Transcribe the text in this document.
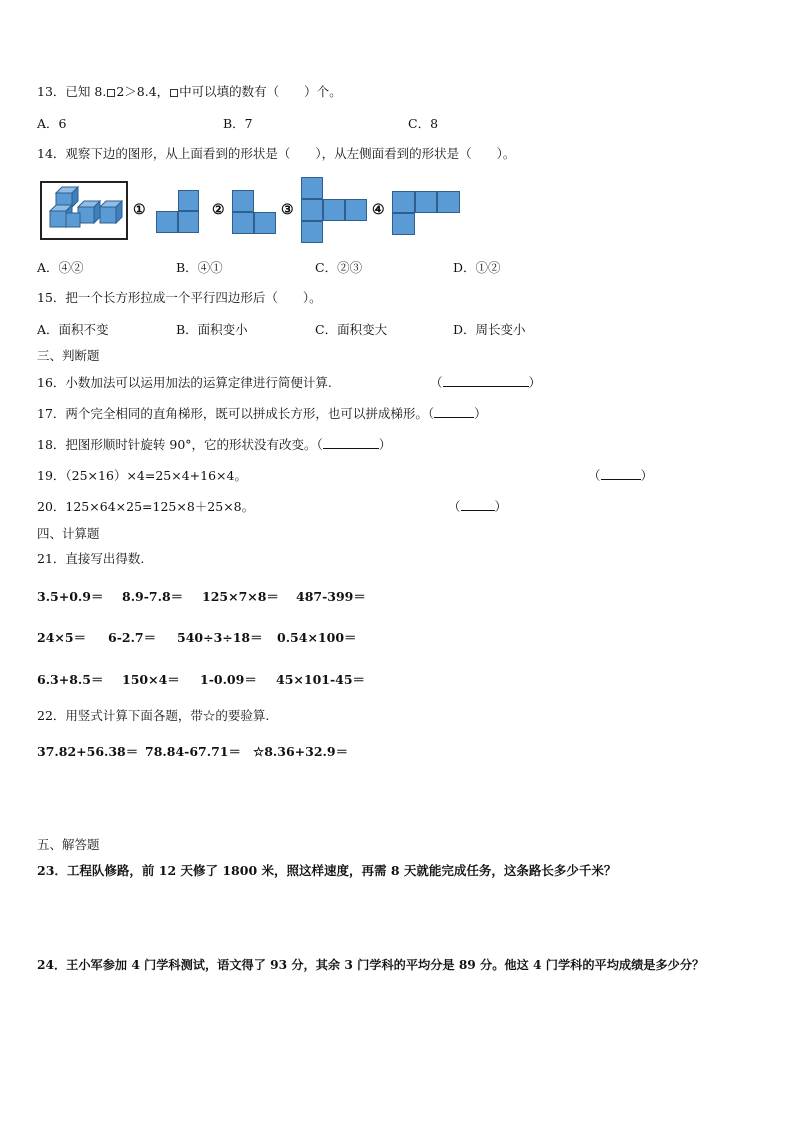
13．已知 8. 2＞8.4， 中可以填的数有（　　）个。
A．6	B．7	C．8
14．观察下边的图形，从上面看到的形状是（　　），从左侧面看到的形状是（　　）。
①	②	③	④
A．④②	B．④①	C．②③	D．①②
15．把一个长方形拉成一个平行四边形后（　　）。
A．面积不变	B．面积变小	C．面积变大	D．周长变小
三、判断题
16．小数加法可以运用加法的运算定律进行简便计算.	（	）
17．两个完全相同的直角梯形，既可以拼成长方形，也可以拼成梯形。（	）
18．把图形顺时针旋转 90°，它的形状没有改变。（	）
19．（25×16）×4=25×4+16×4。	（	）
20．125×64×25=125×8＋25×8。	（	）
四、计算题
21．直接写出得数.
3.5+0.9＝ 8.9-7.8＝ 125×7×8＝ 487-399＝
24×5＝ 6-2.7＝ 540÷3÷18＝ 0.54×100＝
6.3+8.5＝ 150×4＝ 1-0.09＝ 45×101-45＝
22．用竖式计算下面各题，带☆的要验算.
37.82+56.38＝ 78.84-67.71＝ ☆8.36+32.9＝
五、解答题
23．工程队修路，前 12 天修了 1800 米，照这样速度，再需 8 天就能完成任务，这条路长多少千米？
24．王小军参加 4 门学科测试，语文得了 93 分，其余 3 门学科的平均分是 89 分。他这 4 门学科的平均成绩是多少分？
